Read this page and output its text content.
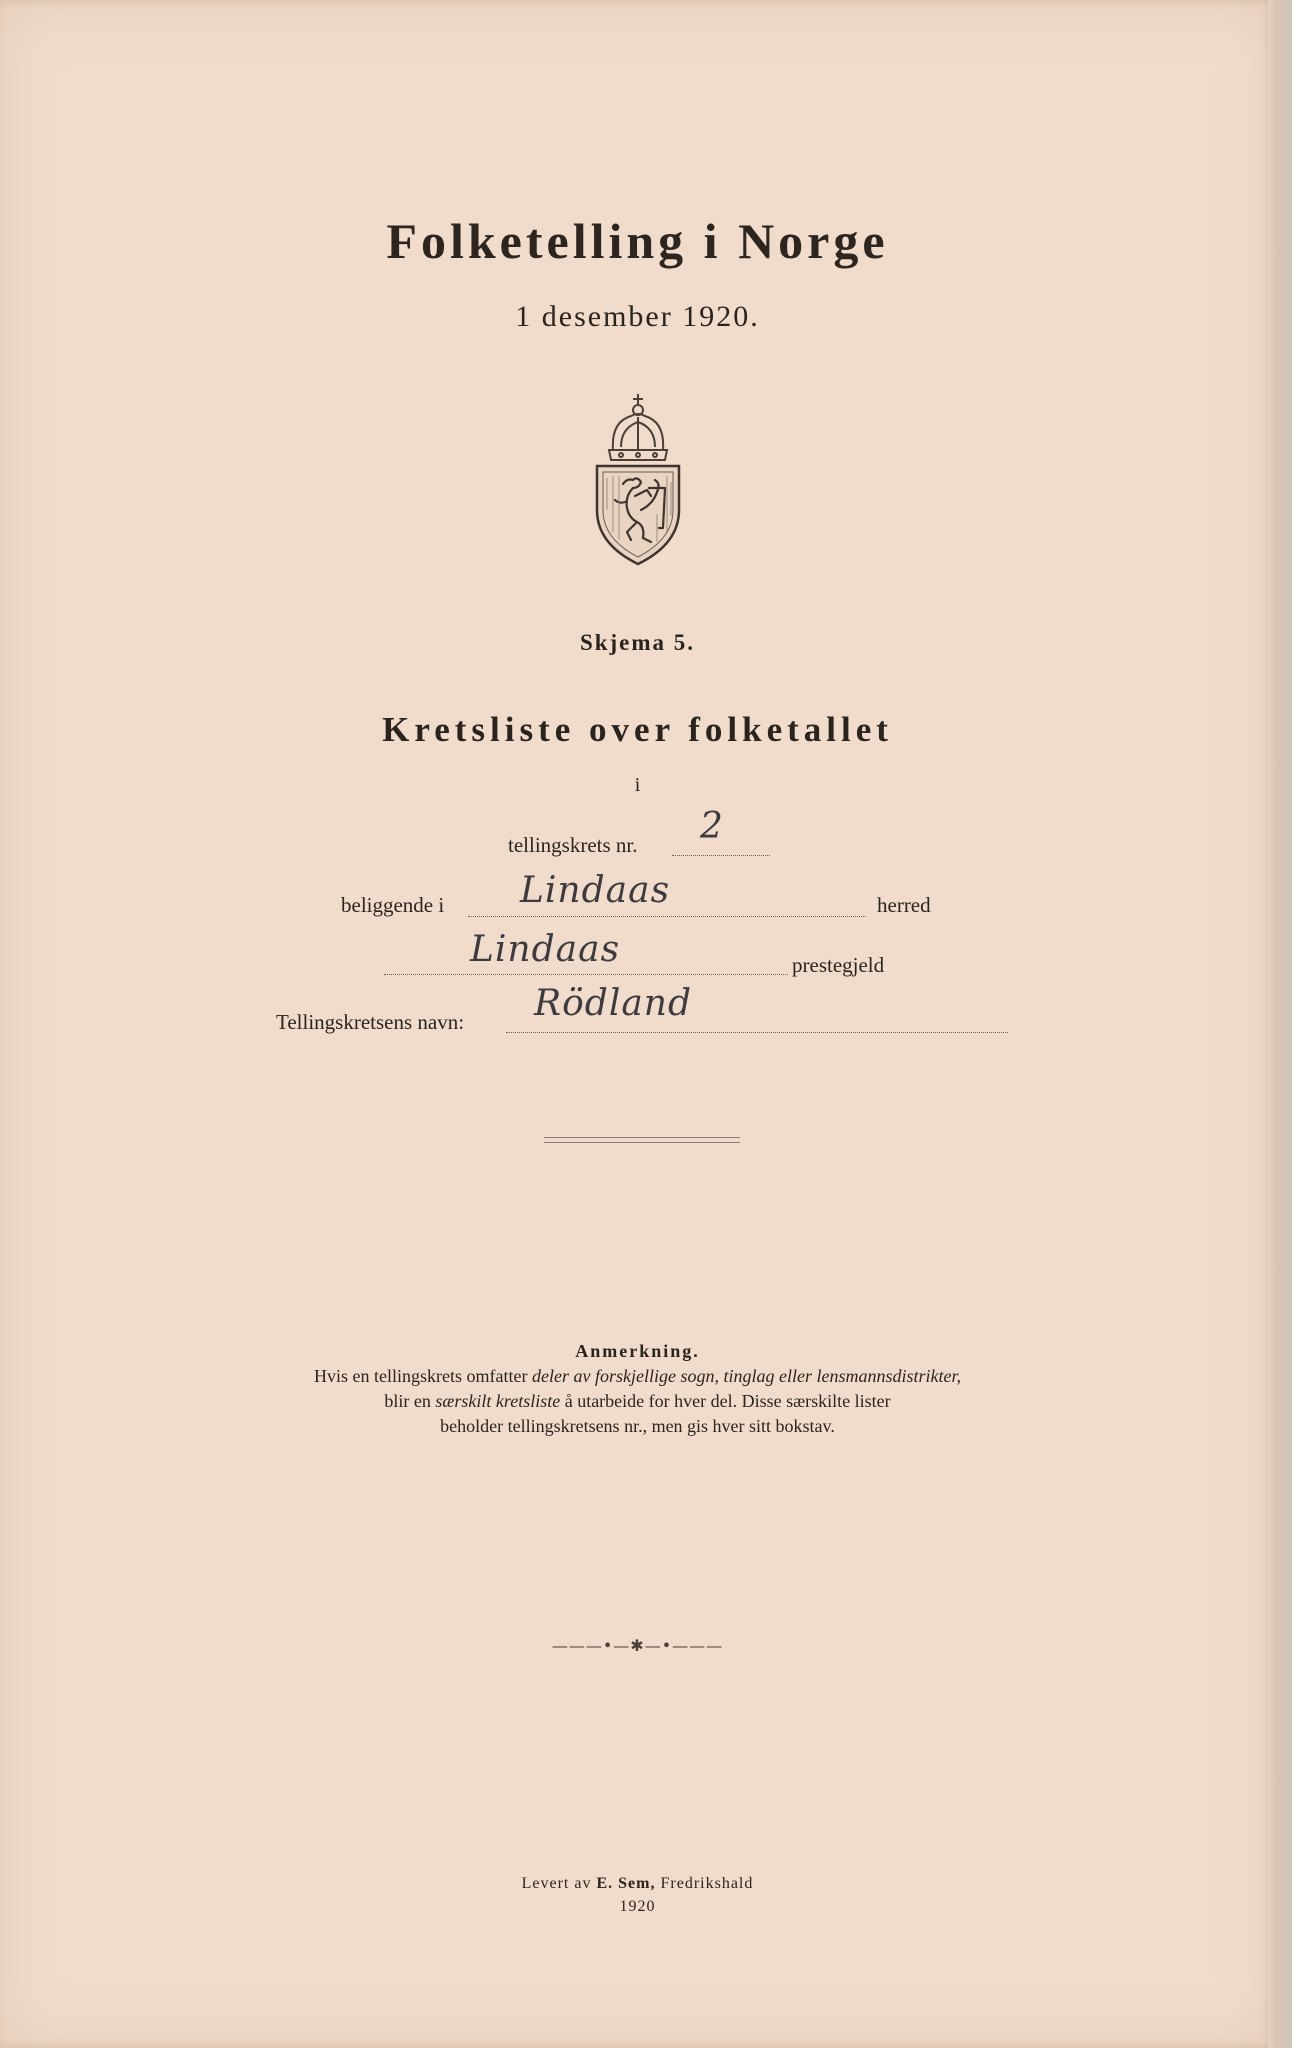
Folketelling i Norge
1 desember 1920.
Skjema 5.
Kretsliste over folketallet
i
tellingskrets nr. 2
beliggende i Lindaas	herred
Lindaas	prestegjeld
Tellingskretsens navn: Rödland
Anmerkning.
Hvis en tellingskrets omfatter deler av forskjellige sogn, tinglag eller lensmannsdistrikter,
blir en særskilt kretsliste å utarbeide for hver del. Disse særskilte lister
beholder tellingskretsens nr., men gis hver sitt bokstav.
———•—✱—•———
Levert av E. Sem, Fredrikshald
1920
